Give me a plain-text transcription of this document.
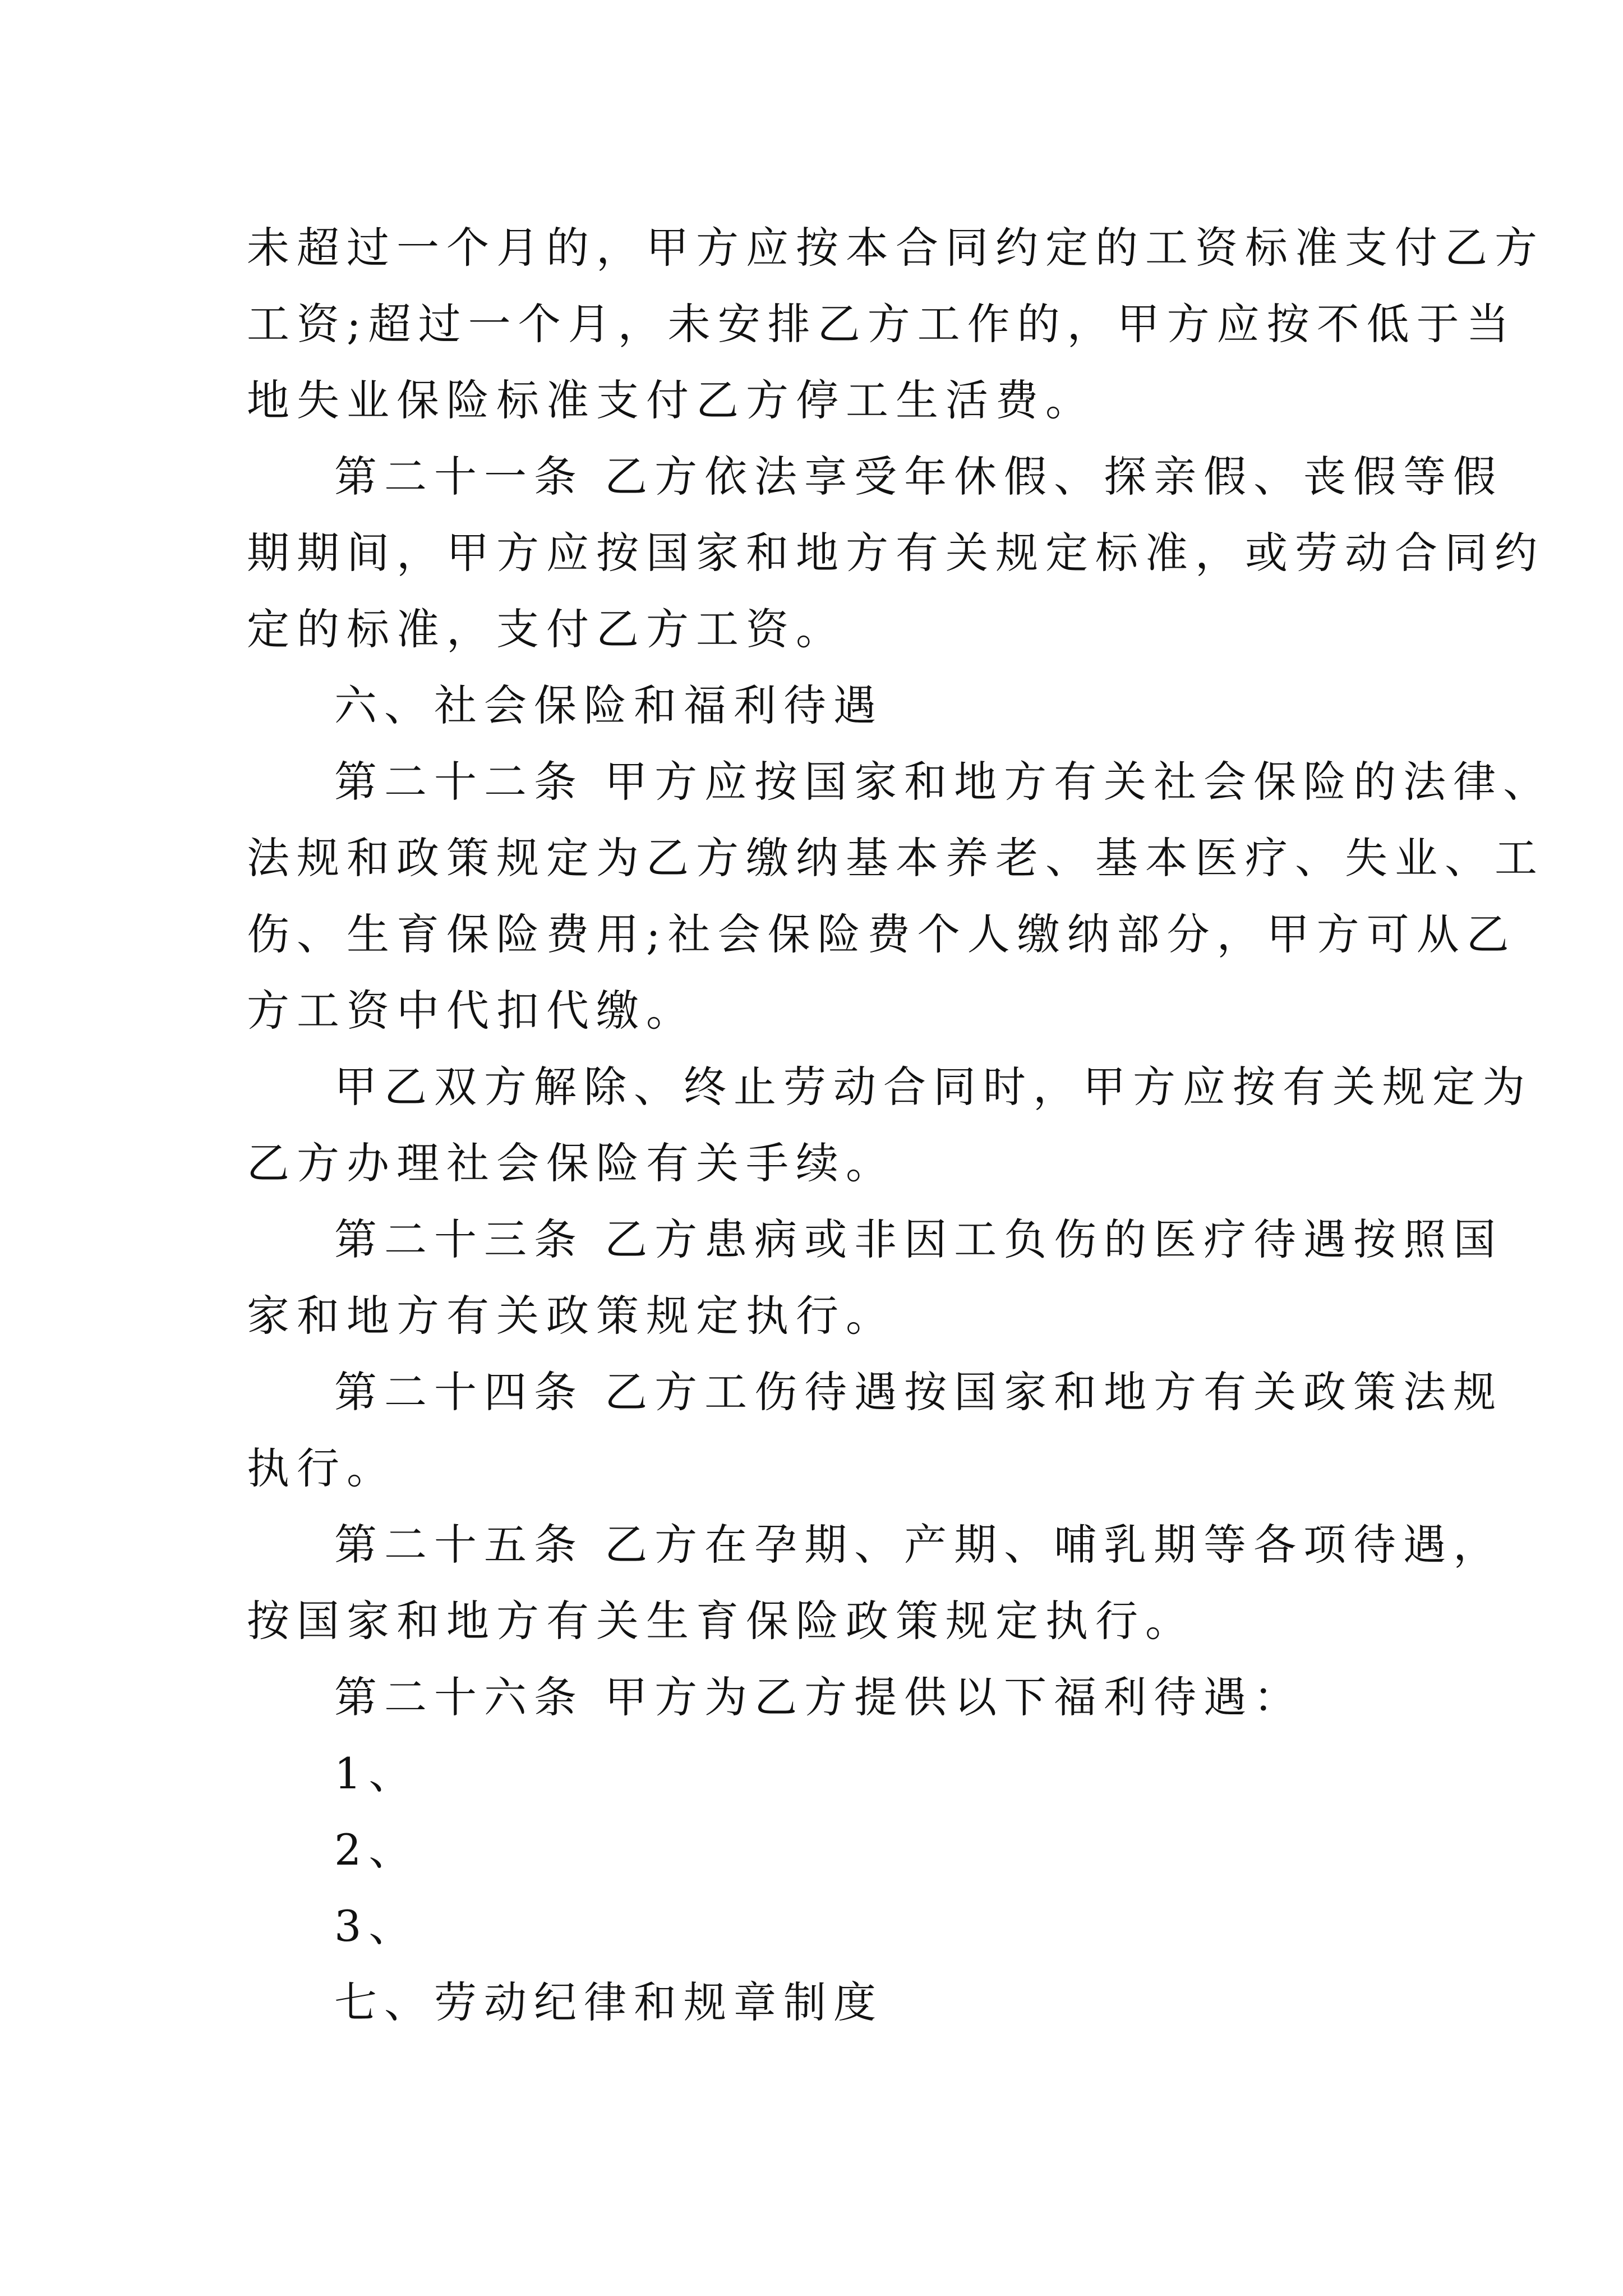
未超过一个月的，甲方应按本合同约定的工资标准支付乙方
工资;超过一个月，未安排乙方工作的，甲方应按不低于当
地失业保险标准支付乙方停工生活费。
第二十一条 乙方依法享受年休假、探亲假、丧假等假
期期间，甲方应按国家和地方有关规定标准，或劳动合同约
定的标准，支付乙方工资。
六、社会保险和福利待遇
第二十二条 甲方应按国家和地方有关社会保险的法律、
法规和政策规定为乙方缴纳基本养老、基本医疗、失业、工
伤、生育保险费用;社会保险费个人缴纳部分，甲方可从乙
方工资中代扣代缴。
甲乙双方解除、终止劳动合同时，甲方应按有关规定为
乙方办理社会保险有关手续。
第二十三条 乙方患病或非因工负伤的医疗待遇按照国
家和地方有关政策规定执行。
第二十四条 乙方工伤待遇按国家和地方有关政策法规
执行。
第二十五条 乙方在孕期、产期、哺乳期等各项待遇，
按国家和地方有关生育保险政策规定执行。
第二十六条 甲方为乙方提供以下福利待遇：
1、
2、
3、
七、劳动纪律和规章制度
